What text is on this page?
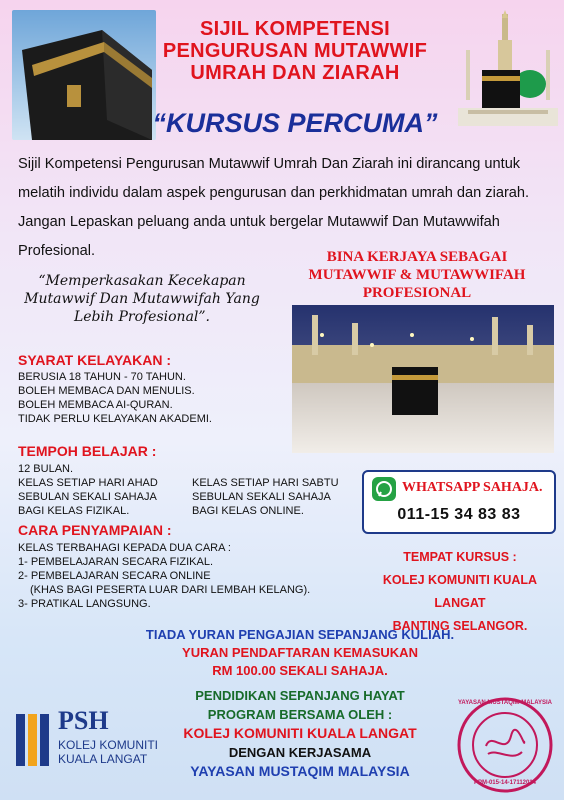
SIJIL KOMPETENSI
PENGURUSAN MUTAWWIF
UMRAH DAN ZIARAH
“KURSUS PERCUMA”
Sijil Kompetensi Pengurusan Mutawwif Umrah Dan Ziarah ini dirancang untuk melatih individu dalam aspek pengurusan dan perkhidmatan umrah dan ziarah. Jangan Lepaskan peluang anda untuk bergelar Mutawwif Dan Mutawwifah Profesional.
“Memperkasakan Kecekapan Mutawwif Dan Mutawwifah Yang Lebih Profesional”.
BINA KERJAYA SEBAGAI
MUTAWWIF & MUTAWWIFAH
PROFESIONAL
SYARAT KELAYAKAN :
BERUSIA 18 TAHUN - 70 TAHUN.
BOLEH MEMBACA DAN MENULIS.
BOLEH MEMBACA AI-QURAN.
TIDAK PERLU KELAYAKAN AKADEMI.
TEMPOH BELAJAR :
12 BULAN.
KELAS SETIAP HARI AHAD
SEBULAN SEKALI SAHAJA
BAGI KELAS FIZIKAL.
KELAS SETIAP HARI SABTU
SEBULAN SEKALI SAHAJA
BAGI KELAS ONLINE.
WHATSAPP SAHAJA.
011-15 34 83 83
CARA PENYAMPAIAN :
KELAS TERBAHAGI KEPADA DUA CARA :
1- PEMBELAJARAN SECARA FIZIKAL.
2- PEMBELAJARAN SECARA ONLINE
(KHAS BAGI PESERTA LUAR DARI LEMBAH KELANG).
3- PRATIKAL LANGSUNG.
TEMPAT KURSUS :
KOLEJ KOMUNITI KUALA LANGAT
BANTING SELANGOR.
TIADA YURAN PENGAJIAN SEPANJANG KULIAH.
YURAN PENDAFTARAN KEMASUKAN
RM 100.00 SEKALI SAHAJA.
PENDIDIKAN SEPANJANG HAYAT
PROGRAM BERSAMA OLEH :
KOLEJ KOMUNITI KUALA LANGAT
DENGAN KERJASAMA
YAYASAN MUSTAQIM MALAYSIA
PSH
KOLEJ KOMUNITI
KUALA LANGAT
YAYASAN MUSTAQIM MALAYSIA
PPM-015-14-17112014
